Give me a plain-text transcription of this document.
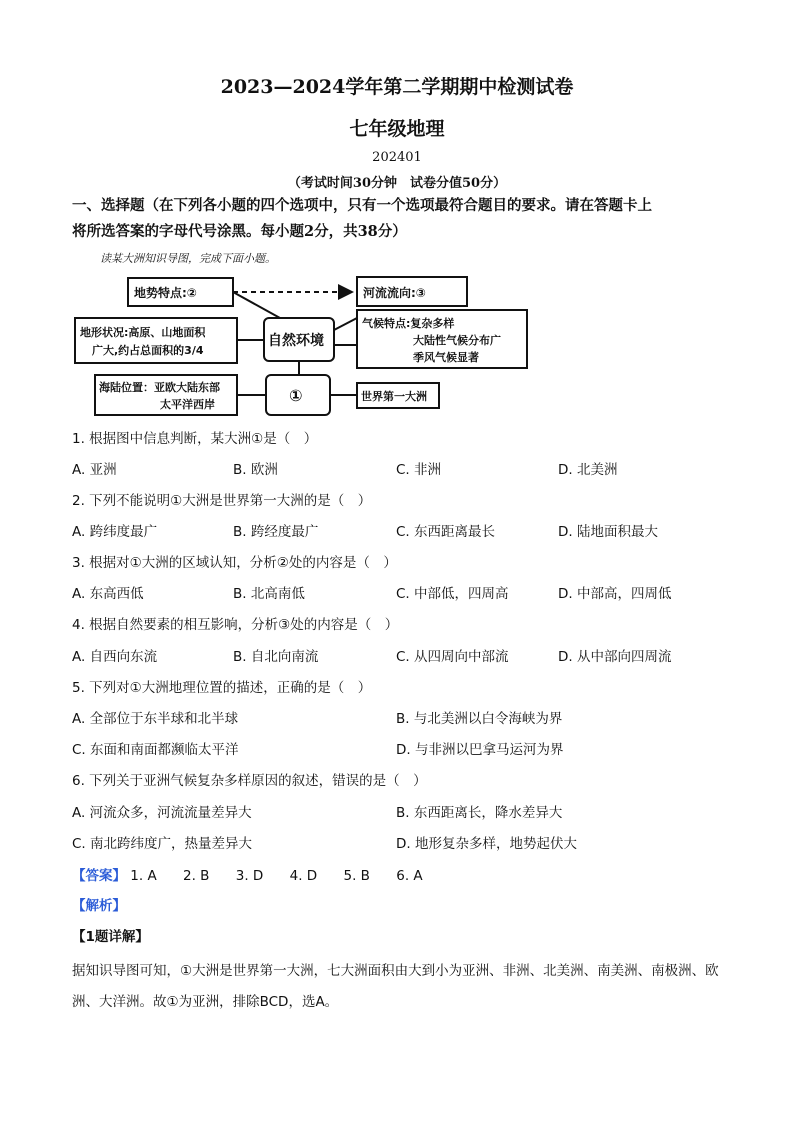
2023—2024学年第二学期期中检测试卷
七年级地理
202401
（考试时间30分钟　试卷分值50分）
一、选择题（在下列各小题的四个选项中，只有一个选项最符合题目的要求。请在答题卡上
将所选答案的字母代号涂黑。每小题2分，共38分）
读某大洲知识导图，完成下面小题。
地势特点:②	河流流向:③
地形状况:高原、山地面积
广大,约占总面积的3/4
自然环境
气候特点:复杂多样
大陆性气候分布广
季风气候显著
海陆位置：亚欧大陆东部
太平洋西岸	①	世界第一大洲
1. 根据图中信息判断，某大洲①是（　）
A. 亚洲	B. 欧洲	C. 非洲	D. 北美洲
2. 下列不能说明①大洲是世界第一大洲的是（　）
A. 跨纬度最广	B. 跨经度最广	C. 东西距离最长	D. 陆地面积最大
3. 根据对①大洲的区域认知，分析②处的内容是（　）
A. 东高西低	B. 北高南低	C. 中部低，四周高	D. 中部高，四周低
4. 根据自然要素的相互影响，分析③处的内容是（　）
A. 自西向东流	B. 自北向南流	C. 从四周向中部流	D. 从中部向四周流
5. 下列对①大洲地理位置的描述，正确的是（　）
A. 全部位于东半球和北半球	B. 与北美洲以白令海峡为界
C. 东面和南面都濒临太平洋	D. 与非洲以巴拿马运河为界
6. 下列关于亚洲气候复杂多样原因的叙述，错误的是（　）
A. 河流众多，河流流量差异大	B. 东西距离长，降水差异大
C. 南北跨纬度广，热量差异大	D. 地形复杂多样，地势起伏大
【答案】 1. A 2. B 3. D 4. D 5. B 6. A
【解析】
【1题详解】
据知识导图可知，①大洲是世界第一大洲，七大洲面积由大到小为亚洲、非洲、北美洲、南美洲、南极洲、欧洲、大洋洲。故①为亚洲，排除BCD，选A。
